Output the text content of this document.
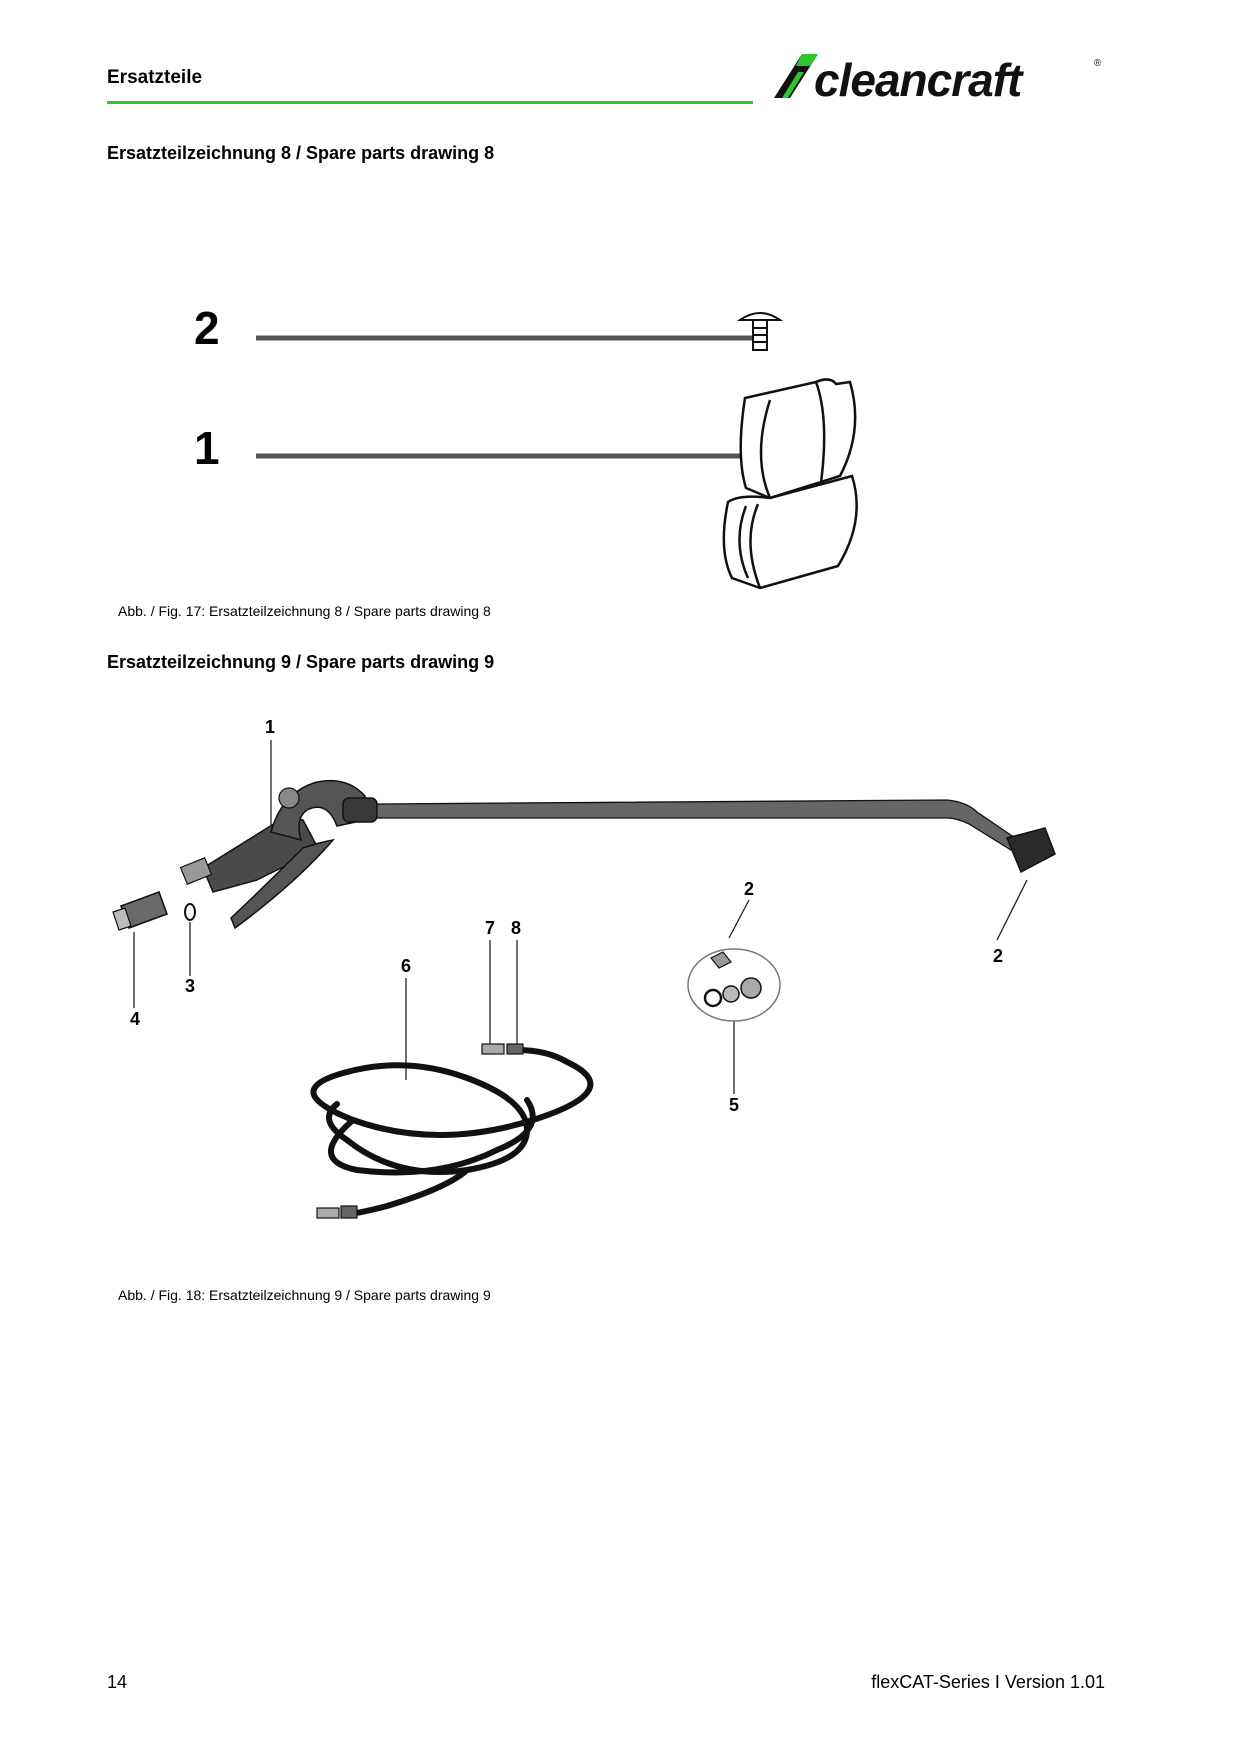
Ersatzteile	cleancraft	®
Ersatzteilzeichnung 8 / Spare parts drawing 8
2
1
Abb. / Fig. 17: Ersatzteilzeichnung 8 / Spare parts drawing 8
Ersatzteilzeichnung 9 / Spare parts drawing 9
1
2
2
3
4
5
6
7 8
Abb. / Fig. 18: Ersatzteilzeichnung 9 / Spare parts drawing 9
14	flexCAT-Series I Version 1.01
